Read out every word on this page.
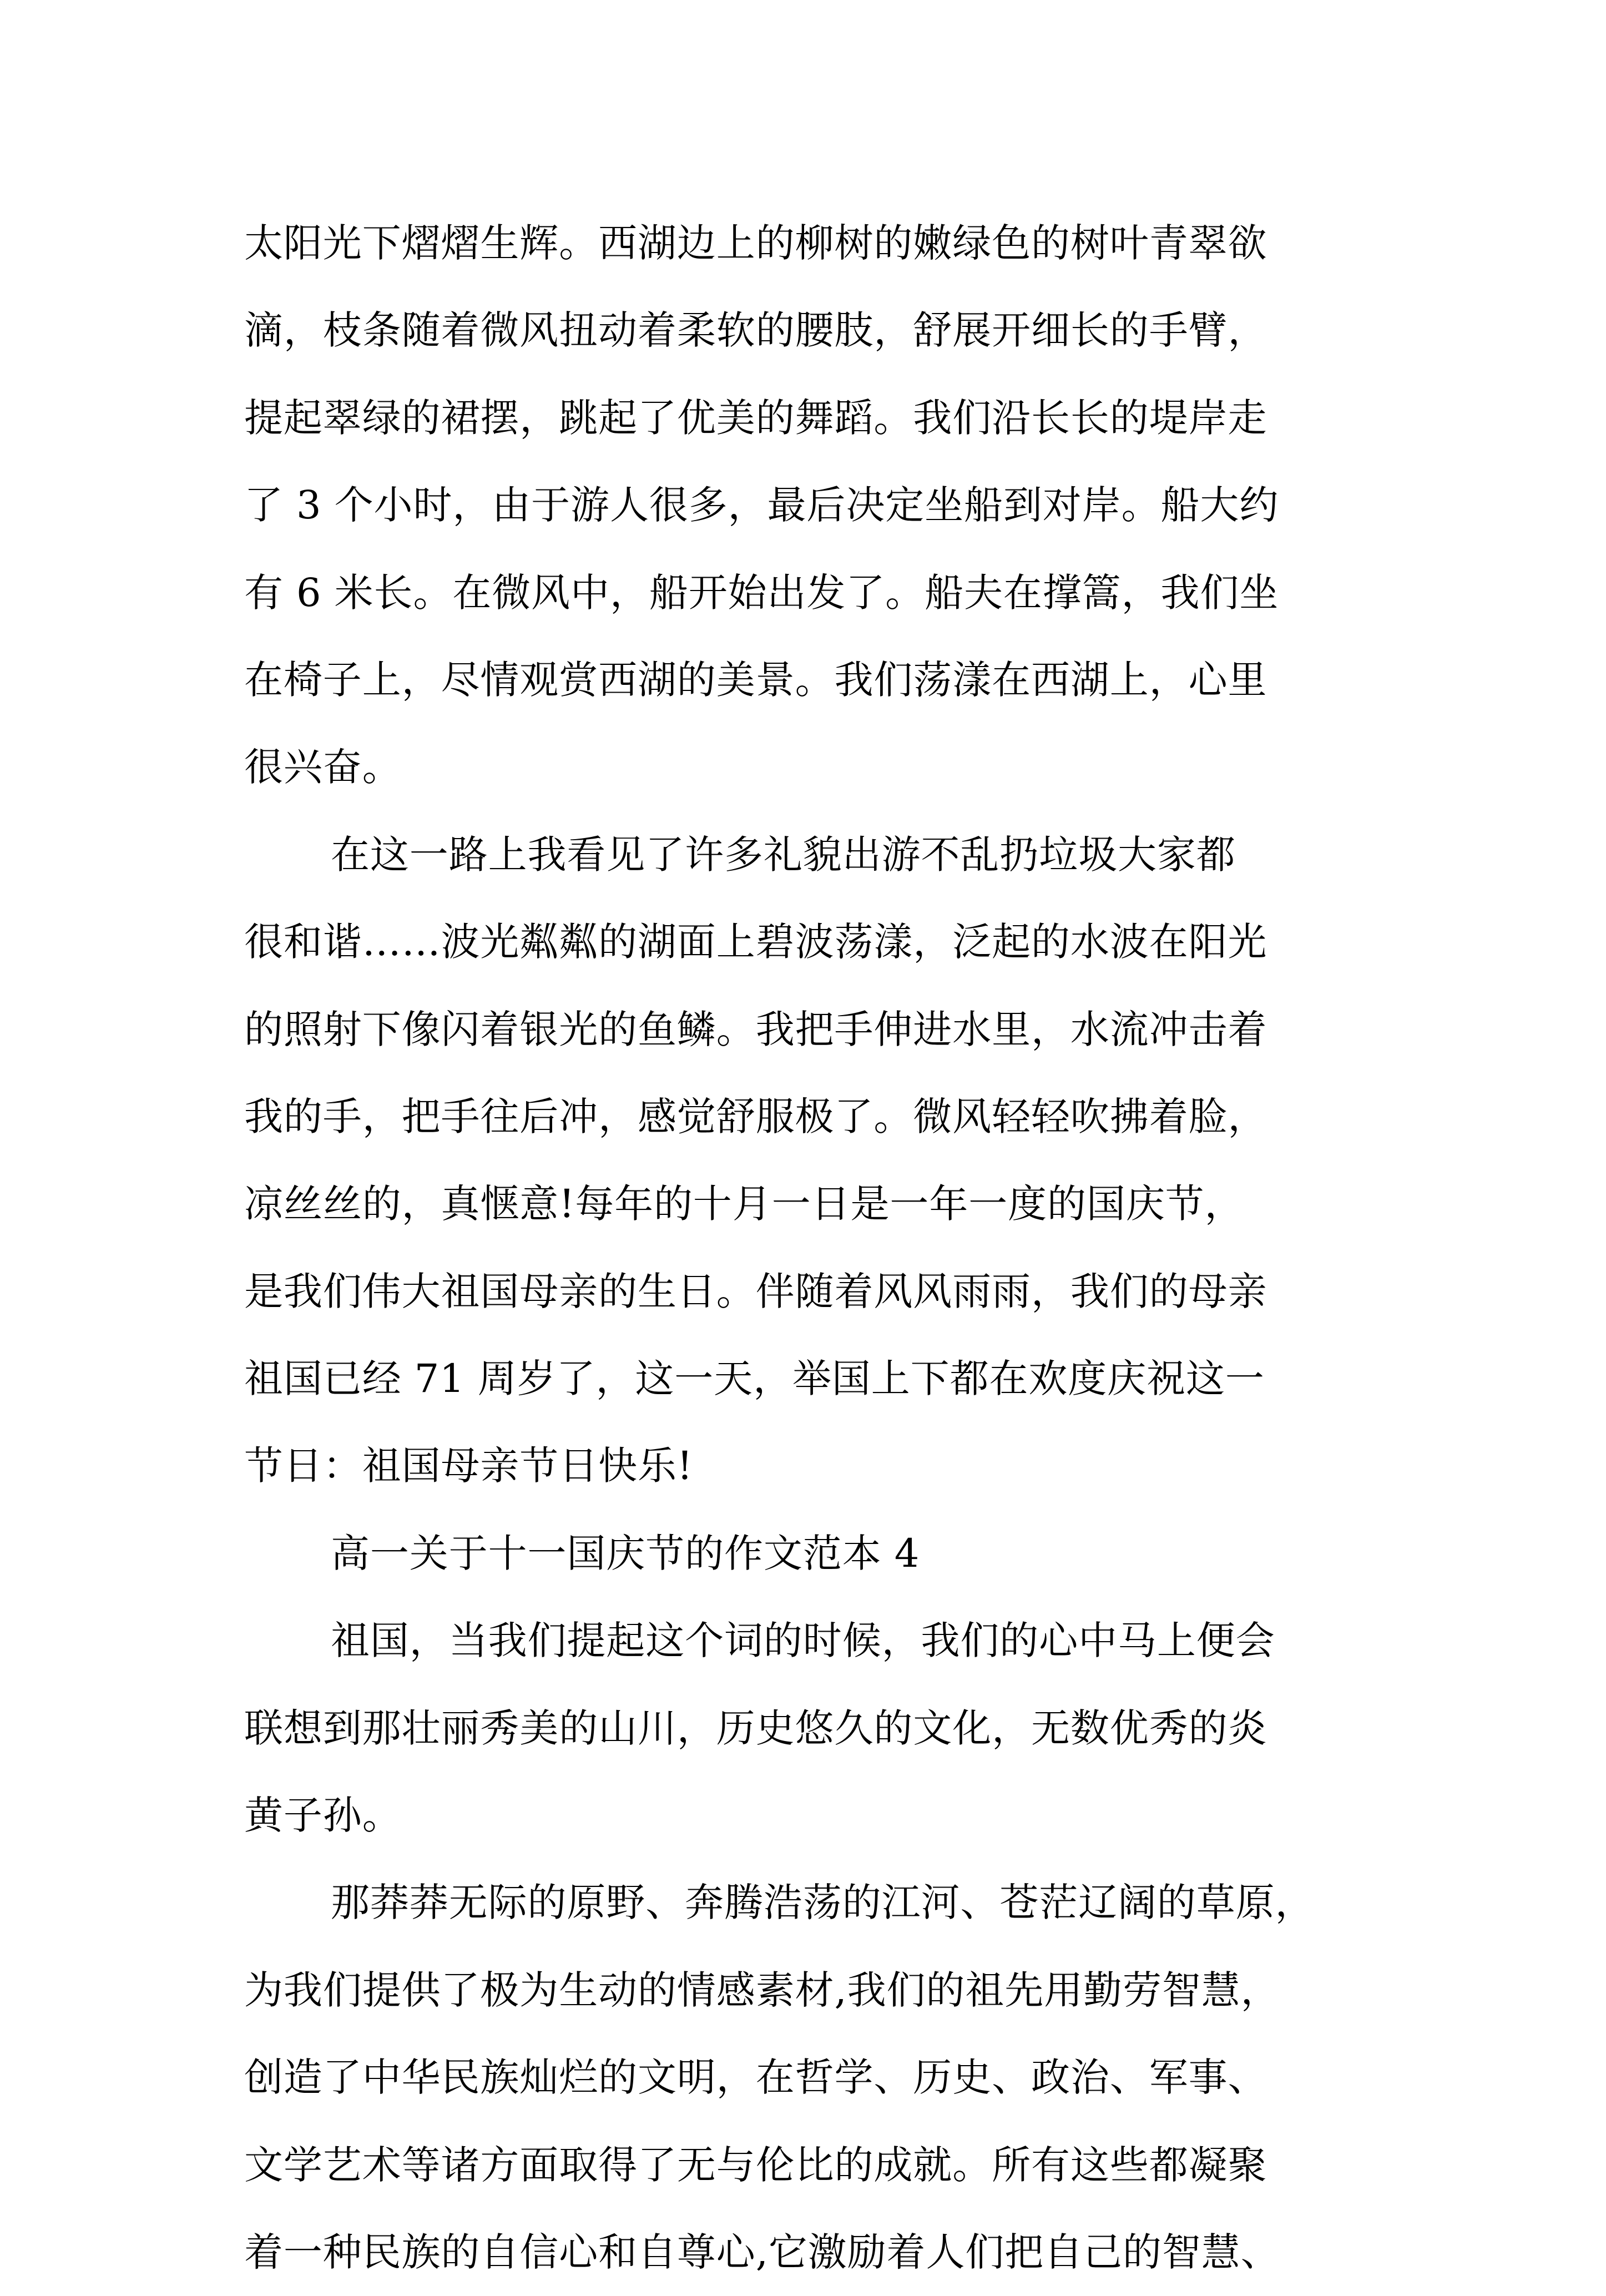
太阳光下熠熠生辉。西湖边上的柳树的嫩绿色的树叶青翠欲
滴，枝条随着微风扭动着柔软的腰肢，舒展开细长的手臂，
提起翠绿的裙摆，跳起了优美的舞蹈。我们沿长长的堤岸走
了 3 个小时，由于游人很多，最后决定坐船到对岸。船大约
有 6 米长。在微风中，船开始出发了。船夫在撑篙，我们坐
在椅子上，尽情观赏西湖的美景。我们荡漾在西湖上，心里
很兴奋。
在这一路上我看见了许多礼貌出游不乱扔垃圾大家都
很和谐……波光粼粼的湖面上碧波荡漾，泛起的水波在阳光
的照射下像闪着银光的鱼鳞。我把手伸进水里，水流冲击着
我的手，把手往后冲，感觉舒服极了。微风轻轻吹拂着脸，
凉丝丝的，真惬意!每年的十月一日是一年一度的国庆节，
是我们伟大祖国母亲的生日。伴随着风风雨雨，我们的母亲
祖国已经 71 周岁了，这一天，举国上下都在欢度庆祝这一
节日：祖国母亲节日快乐!
高一关于十一国庆节的作文范本 4
祖国，当我们提起这个词的时候，我们的心中马上便会
联想到那壮丽秀美的山川，历史悠久的文化，无数优秀的炎
黄子孙。
那莽莽无际的原野、奔腾浩荡的江河、苍茫辽阔的草原，
为我们提供了极为生动的情感素材,我们的祖先用勤劳智慧，
创造了中华民族灿烂的文明，在哲学、历史、政治、军事、
文学艺术等诸方面取得了无与伦比的成就。所有这些都凝聚
着一种民族的自信心和自尊心,它激励着人们把自己的智慧、
